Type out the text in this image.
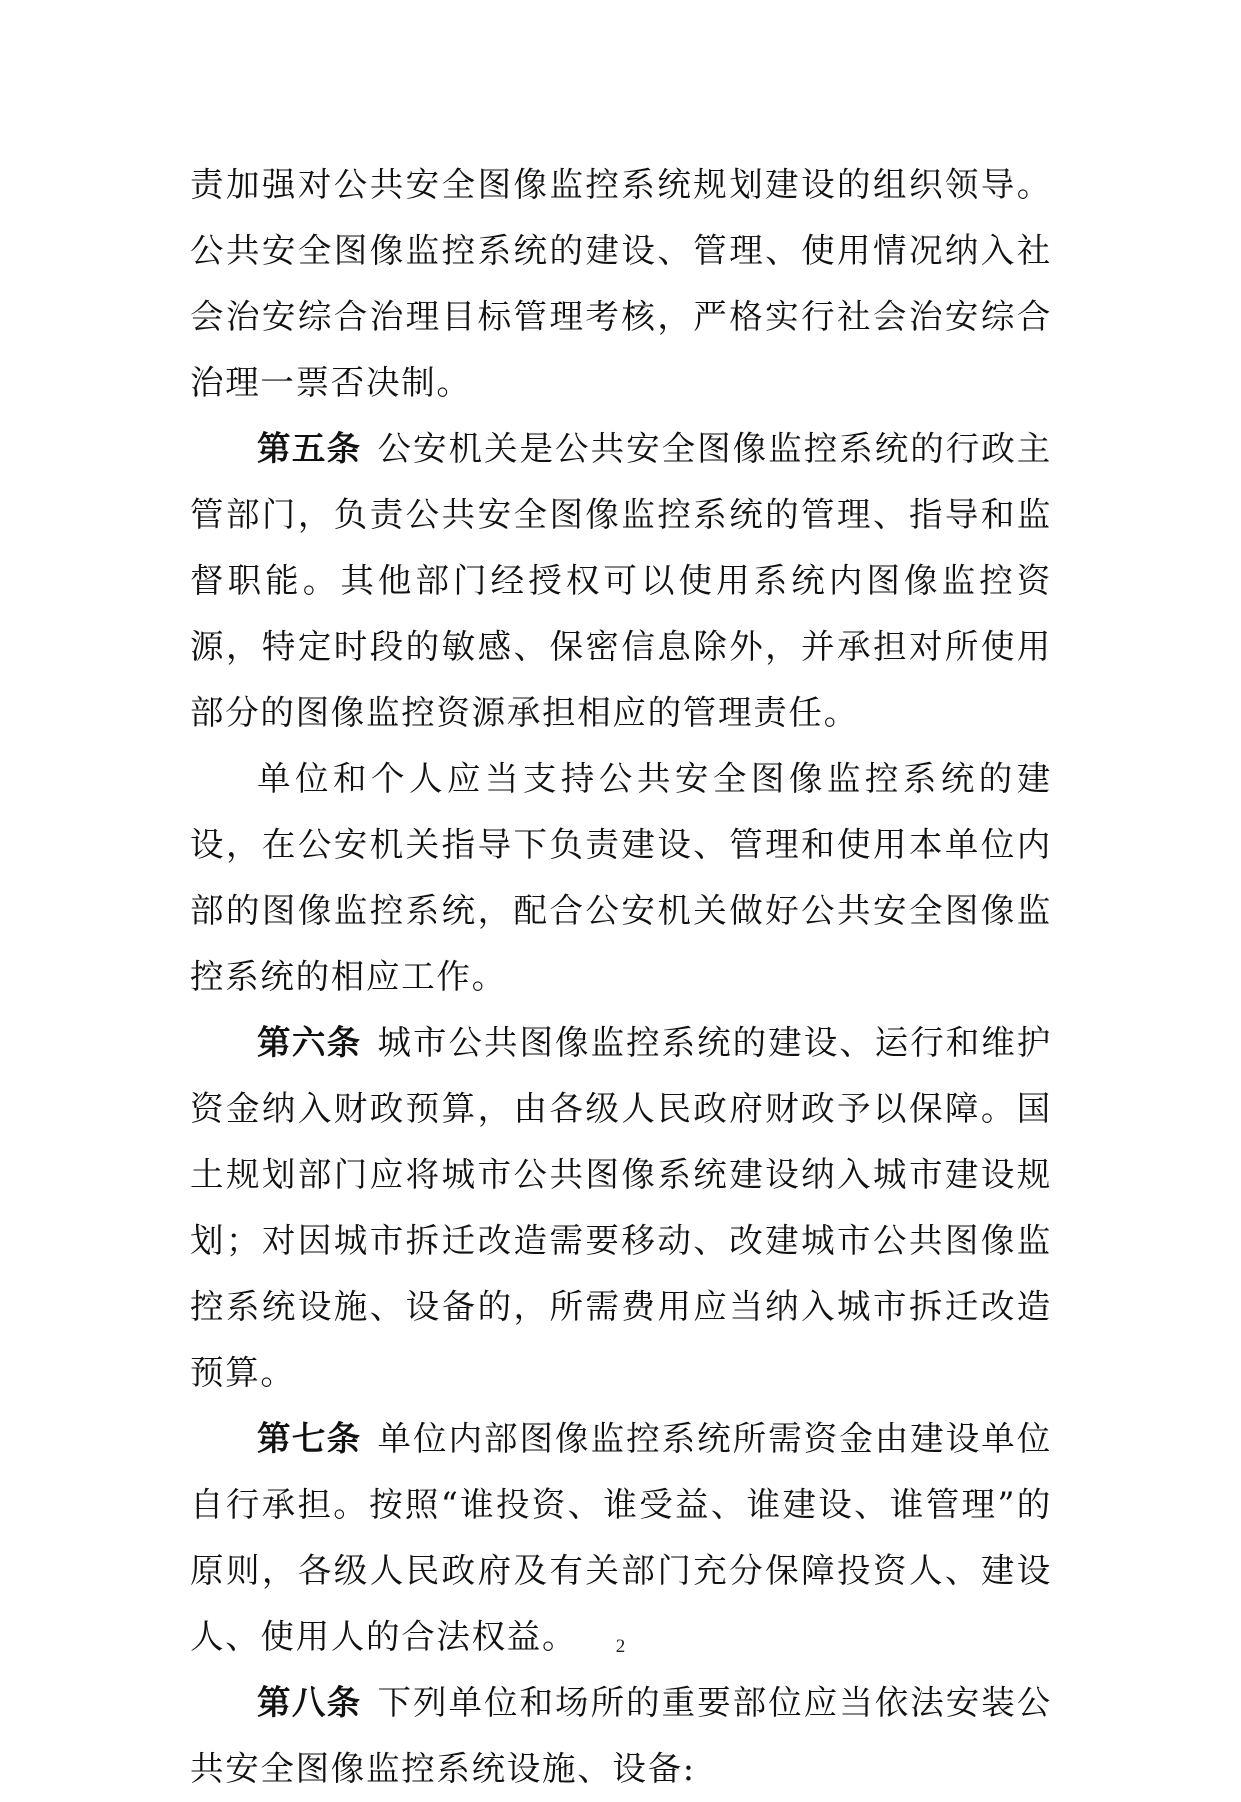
责加强对公共安全图像监控系统规划建设的组织领导。公共安全图像监控系统的建设、管理、使用情况纳入社会治安综合治理目标管理考核，严格实行社会治安综合治理一票否决制。

第五条 公安机关是公共安全图像监控系统的行政主管部门，负责公共安全图像监控系统的管理、指导和监督职能。其他部门经授权可以使用系统内图像监控资源，特定时段的敏感、保密信息除外，并承担对所使用部分的图像监控资源承担相应的管理责任。

单位和个人应当支持公共安全图像监控系统的建设，在公安机关指导下负责建设、管理和使用本单位内部的图像监控系统，配合公安机关做好公共安全图像监控系统的相应工作。

第六条 城市公共图像监控系统的建设、运行和维护资金纳入财政预算，由各级人民政府财政予以保障。国土规划部门应将城市公共图像系统建设纳入城市建设规划；对因城市拆迁改造需要移动、改建城市公共图像监控系统设施、设备的，所需费用应当纳入城市拆迁改造预算。

第七条 单位内部图像监控系统所需资金由建设单位自行承担。按照“谁投资、谁受益、谁建设、谁管理”的原则，各级人民政府及有关部门充分保障投资人、建设人、使用人的合法权益。

第八条 下列单位和场所的重要部位应当依法安装公共安全图像监控系统设施、设备:

2
